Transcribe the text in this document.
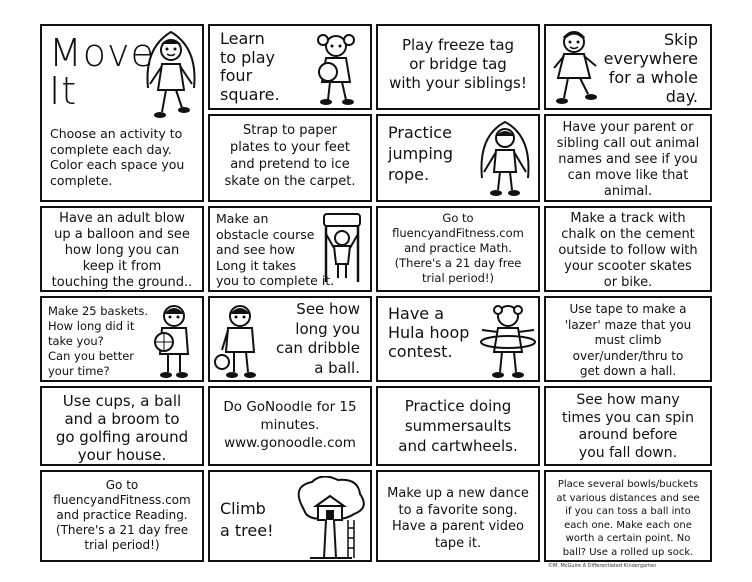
Move
It
Choose an activity to
complete each day.
Color each space you
complete.
Learn
to play
four
square.
Play freeze tag
or bridge tag
with your siblings!
Skip
everywhere
for a whole
day.
Strap to paper
plates to your feet
and pretend to ice
skate on the carpet.
Practice
jumping
rope.
Have your parent or
sibling call out animal
names and see if you
can move like that
animal.
Have an adult blow
up a balloon and see
how long you can
keep it from
touching the ground..
Make an
obstacle course
and see how
Long it takes
you to complete it.
Go to
fluencyandFitness.com
and practice Math.
(There's a 21 day free
trial period!)
Make a track with
chalk on the cement
outside to follow with
your scooter skates
or bike.
Make 25 baskets.
How long did it
take you?
Can you better
your time?
See how
long you
can dribble
a ball.
Have a
Hula hoop
contest.
Use tape to make a
'lazer' maze that you
must climb
over/under/thru to
get down a hall.
Use cups, a ball
and a broom to
go golfing around
your house.
Do GoNoodle for 15
minutes.
www.gonoodle.com
Practice doing
summersaults
and cartwheels.
See how many
times you can spin
around before
you fall down.
Go to
fluencyandFitness.com
and practice Reading.
(There's a 21 day free
trial period!)
Climb
a tree!
Make up a new dance
to a favorite song.
Have a parent video
tape it.
Place several bowls/buckets
at various distances and see
if you can toss a ball into
each one. Make each one
worth a certain point. No
ball? Use a rolled up sock.
©M. McGuire A Differentiated Kindergarten
